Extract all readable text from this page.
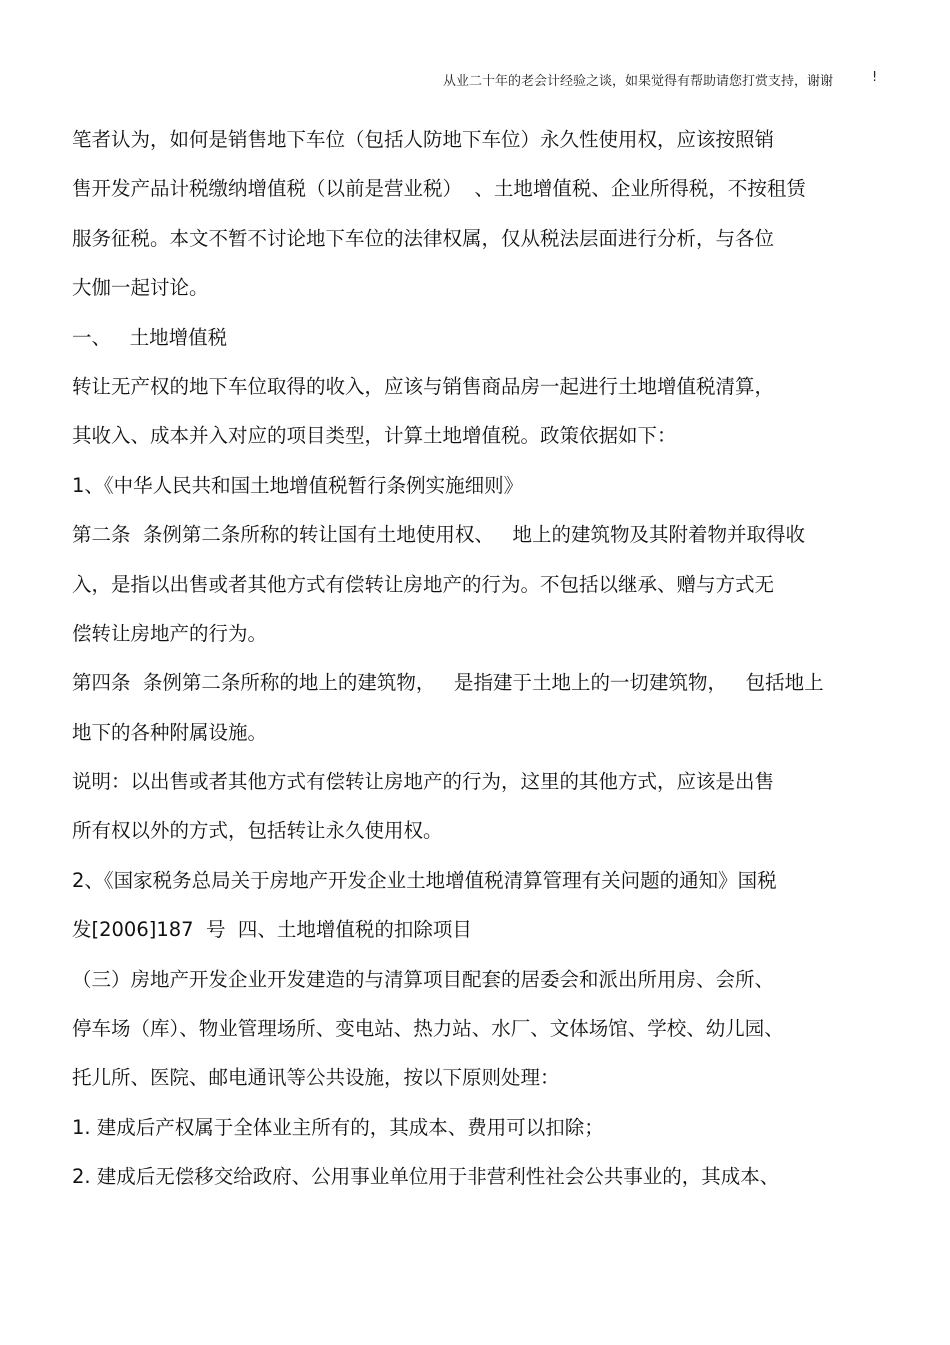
从业二十年的老会计经验之谈，如果觉得有帮助请您打赏支持，谢谢	!
笔者认为，如何是销售地下车位（包括人防地下车位）永久性使用权，应该按照销
售开发产品计税缴纳增值税（以前是营业税）  、土地增值税、企业所得税，不按租赁
服务征税。本文不暂不讨论地下车位的法律权属，仅从税法层面进行分析，与各位
大伽一起讨论。
一、   土地增值税
转让无产权的地下车位取得的收入，应该与销售商品房一起进行土地增值税清算，
其收入、成本并入对应的项目类型，计算土地增值税。政策依据如下：
1、《中华人民共和国土地增值税暂行条例实施细则》
第二条  条例第二条所称的转让国有土地使用权、   地上的建筑物及其附着物并取得收
入，是指以出售或者其他方式有偿转让房地产的行为。不包括以继承、赠与方式无
偿转让房地产的行为。
第四条  条例第二条所称的地上的建筑物，   是指建于土地上的一切建筑物，   包括地上
地下的各种附属设施。
说明：以出售或者其他方式有偿转让房地产的行为，这里的其他方式，应该是出售
所有权以外的方式，包括转让永久使用权。
2、《国家税务总局关于房地产开发企业土地增值税清算管理有关问题的通知》国税
发[2006]187  号  四、土地增值税的扣除项目
（三）房地产开发企业开发建造的与清算项目配套的居委会和派出所用房、会所、
停车场（库）、物业管理场所、变电站、热力站、水厂、文体场馆、学校、幼儿园、
托儿所、医院、邮电通讯等公共设施，按以下原则处理：
1. 建成后产权属于全体业主所有的，其成本、费用可以扣除；
2. 建成后无偿移交给政府、公用事业单位用于非营利性社会公共事业的，其成本、
